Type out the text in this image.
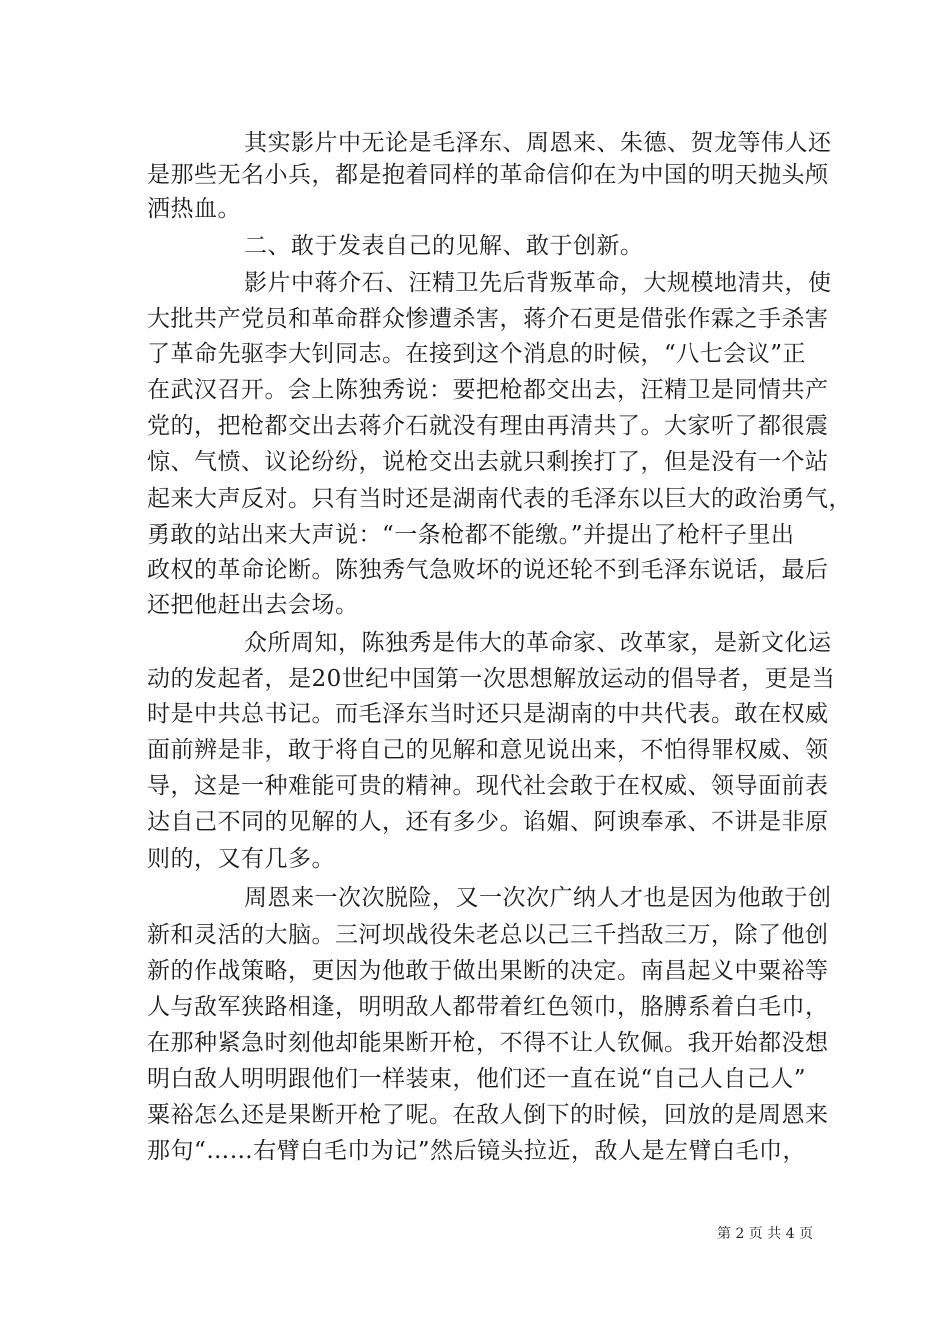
其实影片中无论是毛泽东、周恩来、朱德、贺龙等伟人还
是那些无名小兵，都是抱着同样的革命信仰在为中国的明天抛头颅
洒热血。
二、敢于发表自己的见解、敢于创新。
影片中蒋介石、汪精卫先后背叛革命，大规模地清共，使
大批共产党员和革命群众惨遭杀害，蒋介石更是借张作霖之手杀害
了革命先驱李大钊同志。在接到这个消息的时候，“八七会议”正
在武汉召开。会上陈独秀说：要把枪都交出去，汪精卫是同情共产
党的，把枪都交出去蒋介石就没有理由再清共了。大家听了都很震
惊、气愤、议论纷纷，说枪交出去就只剩挨打了，但是没有一个站
起来大声反对。只有当时还是湖南代表的毛泽东以巨大的政治勇气，
勇敢的站出来大声说：“一条枪都不能缴。”并提出了枪杆子里出
政权的革命论断。陈独秀气急败坏的说还轮不到毛泽东说话，最后
还把他赶出去会场。
众所周知，陈独秀是伟大的革命家、改革家，是新文化运
动的发起者，是20世纪中国第一次思想解放运动的倡导者，更是当
时是中共总书记。而毛泽东当时还只是湖南的中共代表。敢在权威
面前辨是非，敢于将自己的见解和意见说出来，不怕得罪权威、领
导，这是一种难能可贵的精神。现代社会敢于在权威、领导面前表
达自己不同的见解的人，还有多少。谄媚、阿谀奉承、不讲是非原
则的，又有几多。
周恩来一次次脱险，又一次次广纳人才也是因为他敢于创
新和灵活的大脑。三河坝战役朱老总以己三千挡敌三万，除了他创
新的作战策略，更因为他敢于做出果断的决定。南昌起义中粟裕等
人与敌军狭路相逢，明明敌人都带着红色领巾，胳膊系着白毛巾，
在那种紧急时刻他却能果断开枪，不得不让人钦佩。我开始都没想
明白敌人明明跟他们一样装束，他们还一直在说“自己人自己人”
粟裕怎么还是果断开枪了呢。在敌人倒下的时候，回放的是周恩来
那句“……右臂白毛巾为记”然后镜头拉近，敌人是左臂白毛巾，
第 2 页 共 4 页
